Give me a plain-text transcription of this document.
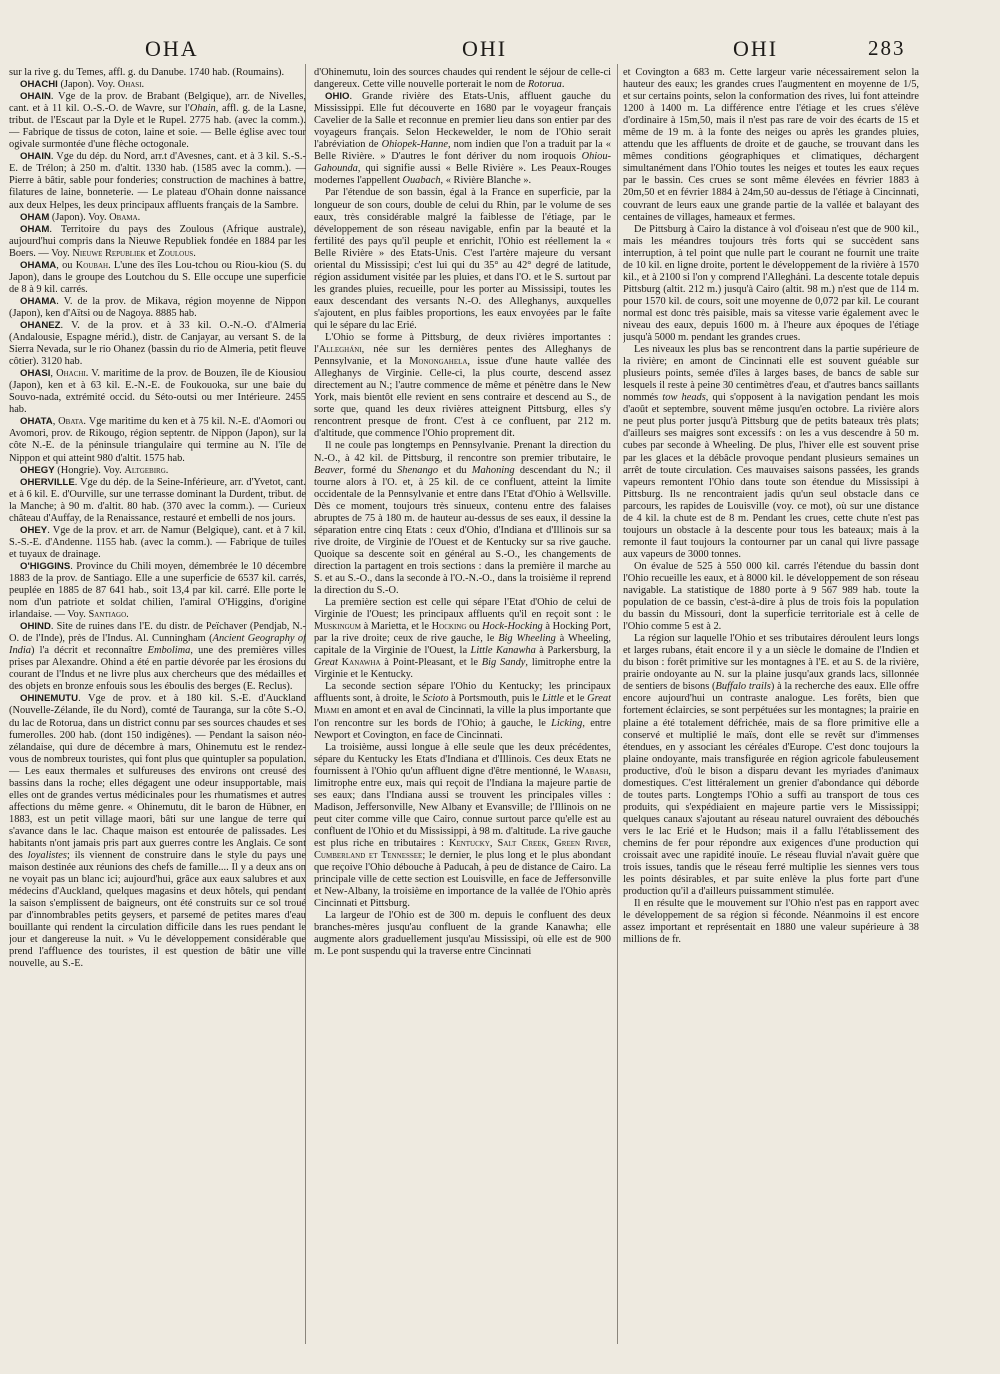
OHA	OHI	OHI	283

sur la rive g. du Temes, affl. g. du Danube. 1740 hab. (Roumains).

OHACHI (Japon). Voy. Ohasi.

OHAIN. Vge de la prov. de Brabant (Belgique), arr. de Nivelles, cant. et à 11 kil. O.-S.-O. de Wavre, sur l'Ohain, affl. g. de la Lasne, tribut. de l'Escaut par la Dyle et le Rupel. 2775 hab. (avec la comm.). — Fabrique de tissus de coton, laine et soie. — Belle église avec tour ogivale surmontée d'une flèche octogonale.

OHAIN. Vge du dép. du Nord, arr.t d'Avesnes, cant. et à 3 kil. S.-S.-E. de Trélon; à 250 m. d'altit. 1330 hab. (1585 avec la comm.). — Pierre à bâtir, sable pour fonderies; construction de machines à battre, filatures de laine, bonneterie. — Le plateau d'Ohain donne naissance aux deux Helpes, les deux principaux affluents français de la Sambre.

OHAM (Japon). Voy. Obama.

OHAM. Territoire du pays des Zoulous (Afrique australe), aujourd'hui compris dans la Nieuwe Republiek fondée en 1884 par les Boers. — Voy. Nieuwe Republiek et Zoulous.

OHAMA, ou Koubah. L'une des îles Lou-tchou ou Riou-kiou (S. du Japon), dans le groupe des Loutchou du S. Elle occupe une superficie de 8 à 9 kil. carrés.

OHAMA. V. de la prov. de Mikava, région moyenne de Nippon (Japon), ken d'Aïtsi ou de Nagoya. 8885 hab.

OHANEZ. V. de la prov. et à 33 kil. O.-N.-O. d'Almeria (Andalousie, Espagne mérid.), distr. de Canjayar, au versant S. de la Sierra Nevada, sur le rio Ohanez (bassin du rio de Almeria, petit fleuve côtier). 3120 hab.

OHASI, Ohachi. V. maritime de la prov. de Bouzen, île de Kiousiou (Japon), ken et à 63 kil. E.-N.-E. de Foukouoka, sur une baie du Souvo-nada, extrémité occid. du Séto-outsi ou mer Intérieure. 2455 hab.

OHATA, Obata. Vge maritime du ken et à 75 kil. N.-E. d'Aomori ou Avomori, prov. de Rikougo, région septentr. de Nippon (Japon), sur la côte N.-E. de la péninsule triangulaire qui termine au N. l'île de Nippon et qui atteint 980 d'altit. 1575 hab.

OHEGY (Hongrie). Voy. Altgebirg.

OHERVILLE. Vge du dép. de la Seine-Inférieure, arr. d'Yvetot, cant. et à 6 kil. E. d'Ourville, sur une terrasse dominant la Durdent, tribut. de la Manche; à 90 m. d'altit. 80 hab. (370 avec la comm.). — Curieux château d'Auffay, de la Renaissance, restauré et embelli de nos jours.

OHEY. Vge de la prov. et arr. de Namur (Belgique), cant. et à 7 kil. S.-S.-E. d'Andenne. 1155 hab. (avec la comm.). — Fabrique de tuiles et tuyaux de drainage.

O'HIGGINS. Province du Chili moyen, démembrée le 10 décembre 1883 de la prov. de Santiago. Elle a une superficie de 6537 kil. carrés, peuplée en 1885 de 87 641 hab., soit 13,4 par kil. carré. Elle porte le nom d'un patriote et soldat chilien, l'amiral O'Higgins, d'origine irlandaise. — Voy. Santiago.

OHIND. Site de ruines dans l'E. du distr. de Peïchaver (Pendjab, N.-O. de l'Inde), près de l'Indus. Al. Cunningham (Ancient Geography of India) l'a décrit et reconnaître Embolima, une des premières villes prises par Alexandre. Ohind a été en partie dévorée par les érosions du courant de l'Indus et ne livre plus aux chercheurs que des médailles et des objets en bronze enfouis sous les éboulis des berges (E. Reclus).

OHINEMUTU. Vge de prov. et à 180 kil. S.-E. d'Auckland (Nouvelle-Zélande, île du Nord), comté de Tauranga, sur la côte S.-O. du lac de Rotorua, dans un district connu par ses sources chaudes et ses fumerolles. 200 hab. (dont 150 indigènes). — Pendant la saison néo-zélandaise, qui dure de décembre à mars, Ohinemutu est le rendez-vous de nombreux touristes, qui font plus que quintupler sa population. — Les eaux thermales et sulfureuses des environs ont creusé des bassins dans la roche; elles dégagent une odeur insupportable, mais elles ont de grandes vertus médicinales pour les rhumatismes et autres affections du même genre. « Ohinemutu, dit le baron de Hübner, en 1883, est un petit village maori, bâti sur une langue de terre qui s'avance dans le lac. Chaque maison est entourée de palissades. Les habitants n'ont jamais pris part aux guerres contre les Anglais. Ce sont des loyalistes; ils viennent de construire dans le style du pays une maison destinée aux réunions des chefs de famille.... Il y a deux ans on ne voyait pas un blanc ici; aujourd'hui, grâce aux eaux salubres et aux médecins d'Auckland, quelques magasins et deux hôtels, qui pendant la saison s'emplissent de baigneurs, ont été construits sur ce sol troué par d'innombrables petits geysers, et parsemé de petites mares d'eau bouillante qui rendent la circulation difficile dans les rues pendant le jour et dangereuse la nuit. » Vu le développement considérable que prend l'affluence des touristes, il est question de bâtir une ville nouvelle, au S.-E.

d'Ohinemutu, loin des sources chaudes qui rendent le séjour de celle-ci dangereux. Cette ville nouvelle porterait le nom de Rotorua.

OHIO. Grande rivière des Etats-Unis, affluent gauche du Mississippi. Elle fut découverte en 1680 par le voyageur français Cavelier de la Salle et reconnue en premier lieu dans son entier par des voyageurs français. Selon Heckewelder, le nom de l'Ohio serait l'abréviation de Ohiopek-Hanne, nom indien que l'on a traduit par la « Belle Rivière. » D'autres le font dériver du nom iroquois Ohiou-Gahounda, qui signifie aussi « Belle Rivière ». Les Peaux-Rouges modernes l'appellent Ouabach, « Rivière Blanche ».

Par l'étendue de son bassin, égal à la France en superficie, par la longueur de son cours, double de celui du Rhin, par le volume de ses eaux, très considérable malgré la faiblesse de l'étiage, par le développement de son réseau navigable, enfin par la beauté et la fertilité des pays qu'il peuple et enrichit, l'Ohio est réellement la « Belle Rivière » des Etats-Unis. C'est l'artère majeure du versant oriental du Mississipi; c'est lui qui du 35° au 42° degré de latitude, région assidument visitée par les pluies, et dans l'O. et le S. surtout par les grandes pluies, recueille, pour les porter au Mississipi, toutes les eaux descendant des versants N.-O. des Alleghanys, auxquelles s'ajoutent, en plus faibles proportions, les eaux envoyées par le faîte qui le sépare du lac Erié.

L'Ohio se forme à Pittsburg, de deux rivières importantes : l'Allegháni, née sur les dernières pentes des Alleghanys de Pennsylvanie, et la Monongahela, issue d'une haute vallée des Alleghanys de Virginie. Celle-ci, la plus courte, descend assez directement au N.; l'autre commence de même et pénètre dans le New York, mais bientôt elle revient en sens contraire et descend au S., de sorte que, quand les deux rivières atteignent Pittsburg, elles s'y rencontrent presque de front. C'est à ce confluent, par 212 m. d'altitude, que commence l'Ohio proprement dit.

Il ne coule pas longtemps en Pennsylvanie. Prenant la direction du N.-O., à 42 kil. de Pittsburg, il rencontre son premier tributaire, le Beaver, formé du Shenango et du Mahoning descendant du N.; il tourne alors à l'O. et, à 25 kil. de ce confluent, atteint la limite occidentale de la Pennsylvanie et entre dans l'Etat d'Ohio à Wellsville. Dès ce moment, toujours très sinueux, contenu entre des falaises abruptes de 75 à 180 m. de hauteur au-dessus de ses eaux, il dessine la séparation entre cinq Etats : ceux d'Ohio, d'Indiana et d'Illinois sur sa rive droite, de Virginie de l'Ouest et de Kentucky sur sa rive gauche. Quoique sa descente soit en général au S.-O., les changements de direction la partagent en trois sections : dans la première il marche au S. et au S.-O., dans la seconde à l'O.-N.-O., dans la troisième il reprend la direction du S.-O.

La première section est celle qui sépare l'Etat d'Ohio de celui de Virginie de l'Ouest; les principaux affluents qu'il en reçoit sont : le Muskingum à Marietta, et le Hocking ou Hock-Hocking à Hocking Port, par la rive droite; ceux de rive gauche, le Big Wheeling à Wheeling, capitale de la Virginie de l'Ouest, la Little Kanawha à Parkersburg, la Great Kanawha à Point-Pleasant, et le Big Sandy, limitrophe entre la Virginie et le Kentucky.

La seconde section sépare l'Ohio du Kentucky; les principaux affluents sont, à droite, le Scioto à Portsmouth, puis le Little et le Great Miami en amont et en aval de Cincinnati, la ville la plus importante que l'on rencontre sur les bords de l'Ohio; à gauche, le Licking, entre Newport et Covington, en face de Cincinnati.

La troisième, aussi longue à elle seule que les deux précédentes, sépare du Kentucky les Etats d'Indiana et d'Illinois. Ces deux Etats ne fournissent à l'Ohio qu'un affluent digne d'être mentionné, le Wabash, limitrophe entre eux, mais qui reçoit de l'Indiana la majeure partie de ses eaux; dans l'Indiana aussi se trouvent les principales villes : Madison, Jeffersonville, New Albany et Evansville; de l'Illinois on ne peut citer comme ville que Cairo, connue surtout parce qu'elle est au confluent de l'Ohio et du Mississippi, à 98 m. d'altitude. La rive gauche est plus riche en tributaires : Kentucky, Salt Creek, Green River, Cumberland et Tennessee; le dernier, le plus long et le plus abondant que reçoive l'Ohio débouche à Paducah, à peu de distance de Cairo. La principale ville de cette section est Louisville, en face de Jeffersonville et New-Albany, la troisième en importance de la vallée de l'Ohio après Cincinnati et Pittsburg.

La largeur de l'Ohio est de 300 m. depuis le confluent des deux branches-mères jusqu'au confluent de la grande Kanawha; elle augmente alors graduellement jusqu'au Mississipi, où elle est de 900 m. Le pont suspendu qui la traverse entre Cincinnati

et Covington a 683 m. Cette largeur varie nécessairement selon la hauteur des eaux; les grandes crues l'augmentent en moyenne de 1/5, et sur certains points, selon la conformation des rives, lui font atteindre 1200 à 1400 m. La différence entre l'étiage et les crues s'élève d'ordinaire à 15m,50, mais il n'est pas rare de voir des écarts de 15 et même de 19 m. à la fonte des neiges ou après les grandes pluies, attendu que les affluents de droite et de gauche, se trouvant dans les mêmes conditions géographiques et climatiques, déchargent simultanément dans l'Ohio toutes les neiges et toutes les eaux reçues par le bassin. Ces crues se sont même élevées en février 1883 à 20m,50 et en février 1884 à 24m,50 au-dessus de l'étiage à Cincinnati, couvrant de leurs eaux une grande partie de la vallée et balayant des centaines de villages, hameaux et fermes.

De Pittsburg à Cairo la distance à vol d'oiseau n'est que de 900 kil., mais les méandres toujours très forts qui se succèdent sans interruption, à tel point que nulle part le courant ne fournit une traite de 10 kil. en ligne droite, portent le développement de la rivière à 1570 kil., et à 2100 si l'on y comprend l'Allegháni. La descente totale depuis Pittsburg (altit. 212 m.) jusqu'à Cairo (altit. 98 m.) n'est que de 114 m. pour 1570 kil. de cours, soit une moyenne de 0,072 par kil. Le courant normal est donc très paisible, mais sa vitesse varie également avec le niveau des eaux, depuis 1600 m. à l'heure aux époques de l'étiage jusqu'à 5000 m. pendant les grandes crues.

Les niveaux les plus bas se rencontrent dans la partie supérieure de la rivière; en amont de Cincinnati elle est souvent guéable sur plusieurs points, semée d'îles à larges bases, de bancs de sable sur lesquels il reste à peine 30 centimètres d'eau, et d'autres bancs saillants nommés tow heads, qui s'opposent à la navigation pendant les mois d'août et septembre, souvent même jusqu'en octobre. La rivière alors ne peut plus porter jusqu'à Pittsburg que de petits bateaux très plats; d'ailleurs ses maigres sont excessifs : on les a vus descendre à 50 m. cubes par seconde à Wheeling. De plus, l'hiver elle est souvent prise par les glaces et la débâcle provoque pendant plusieurs semaines un arrêt de toute circulation. Ces mauvaises saisons passées, les grands vapeurs remontent l'Ohio dans toute son étendue du Mississipi à Pittsburg. Ils ne rencontraient jadis qu'un seul obstacle dans ce parcours, les rapides de Louisville (voy. ce mot), où sur une distance de 4 kil. la chute est de 8 m. Pendant les crues, cette chute n'est pas toujours un obstacle à la descente pour tous les bateaux; mais à la remonte il faut toujours la contourner par un canal qui livre passage aux vapeurs de 3000 tonnes.

On évalue de 525 à 550 000 kil. carrés l'étendue du bassin dont l'Ohio recueille les eaux, et à 8000 kil. le développement de son réseau navigable. La statistique de 1880 porte à 9 567 989 hab. toute la population de ce bassin, c'est-à-dire à plus de trois fois la population du bassin du Missouri, dont la superficie territoriale est à celle de l'Ohio comme 5 est à 2.

La région sur laquelle l'Ohio et ses tributaires déroulent leurs longs et larges rubans, était encore il y a un siècle le domaine de l'Indien et du bison : forêt primitive sur les montagnes à l'E. et au S. de la rivière, prairie ondoyante au N. sur la plaine jusqu'aux grands lacs, sillonnée de sentiers de bisons (Buffalo trails) à la recherche des eaux. Elle offre encore aujourd'hui un contraste analogue. Les forêts, bien que fortement éclaircies, se sont perpétuées sur les montagnes; la prairie en plaine a été totalement défrichée, mais de sa flore primitive elle a conservé et multiplié le maïs, dont elle se revêt sur d'immenses étendues, en y associant les céréales d'Europe. C'est donc toujours la plaine ondoyante, mais transfigurée en région agricole fabuleusement productive, d'où le bison a disparu devant les myriades d'animaux domestiques. C'est littéralement un grenier d'abondance qui déborde de toutes parts. Longtemps l'Ohio a suffi au transport de tous ces produits, qui s'expédiaient en majeure partie vers le Mississippi; quelques canaux s'ajoutant au réseau naturel ouvraient des débouchés vers le lac Erié et le Hudson; mais il a fallu l'établissement des chemins de fer pour répondre aux exigences d'une production qui croissait avec une rapidité inouïe. Le réseau fluvial n'avait guère que trois issues, tandis que le réseau ferré multiplie les siennes vers tous les points désirables, et par suite enlève la plus forte part d'une production qu'il a d'ailleurs puissamment stimulée.

Il en résulte que le mouvement sur l'Ohio n'est pas en rapport avec le développement de sa région si féconde. Néanmoins il est encore assez important et représentait en 1880 une valeur supérieure à 38 millions de fr.
